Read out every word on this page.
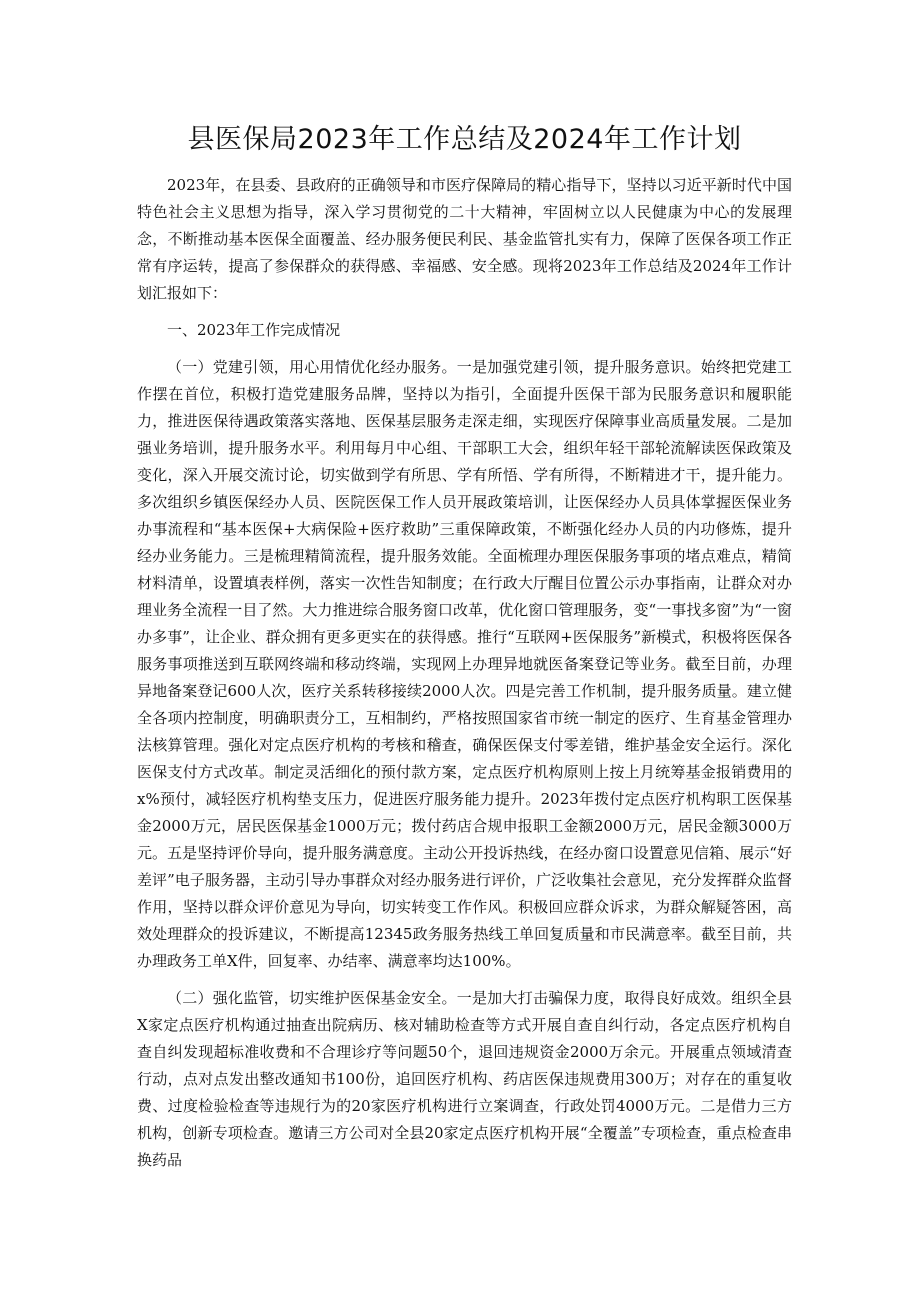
县医保局2023年工作总结及2024年工作计划

2023年，在县委、县政府的正确领导和市医疗保障局的精心指导下，坚持以习近平新时代中国特色社会主义思想为指导，深入学习贯彻党的二十大精神，牢固树立以人民健康为中心的发展理念，不断推动基本医保全面覆盖、经办服务便民利民、基金监管扎实有力，保障了医保各项工作正常有序运转，提高了参保群众的获得感、幸福感、安全感。现将2023年工作总结及2024年工作计划汇报如下：

一、2023年工作完成情况

（一）党建引领，用心用情优化经办服务。一是加强党建引领，提升服务意识。始终把党建工作摆在首位，积极打造党建服务品牌，坚持以为指引，全面提升医保干部为民服务意识和履职能力，推进医保待遇政策落实落地、医保基层服务走深走细，实现医疗保障事业高质量发展。二是加强业务培训，提升服务水平。利用每月中心组、干部职工大会，组织年轻干部轮流解读医保政策及变化，深入开展交流讨论，切实做到学有所思、学有所悟、学有所得，不断精进才干，提升能力。多次组织乡镇医保经办人员、医院医保工作人员开展政策培训，让医保经办人员具体掌握医保业务办事流程和“基本医保+大病保险+医疗救助”三重保障政策，不断强化经办人员的内功修炼，提升经办业务能力。三是梳理精简流程，提升服务效能。全面梳理办理医保服务事项的堵点难点，精简材料清单，设置填表样例，落实一次性告知制度；在行政大厅醒目位置公示办事指南，让群众对办理业务全流程一目了然。大力推进综合服务窗口改革，优化窗口管理服务，变“一事找多窗”为“一窗办多事”，让企业、群众拥有更多更实在的获得感。推行“互联网+医保服务”新模式，积极将医保各服务事项推送到互联网终端和移动终端，实现网上办理异地就医备案登记等业务。截至目前，办理异地备案登记600人次，医疗关系转移接续2000人次。四是完善工作机制，提升服务质量。建立健全各项内控制度，明确职责分工，互相制约，严格按照国家省市统一制定的医疗、生育基金管理办法核算管理。强化对定点医疗机构的考核和稽查，确保医保支付零差错，维护基金安全运行。深化医保支付方式改革。制定灵活细化的预付款方案，定点医疗机构原则上按上月统筹基金报销费用的x%预付，减轻医疗机构垫支压力，促进医疗服务能力提升。2023年拨付定点医疗机构职工医保基金2000万元，居民医保基金1000万元；拨付药店合规申报职工金额2000万元，居民金额3000万元。五是坚持评价导向，提升服务满意度。主动公开投诉热线，在经办窗口设置意见信箱、展示“好差评”电子服务器，主动引导办事群众对经办服务进行评价，广泛收集社会意见，充分发挥群众监督作用，坚持以群众评价意见为导向，切实转变工作作风。积极回应群众诉求，为群众解疑答困，高效处理群众的投诉建议，不断提高12345政务服务热线工单回复质量和市民满意率。截至目前，共办理政务工单X件，回复率、办结率、满意率均达100%。

（二）强化监管，切实维护医保基金安全。一是加大打击骗保力度，取得良好成效。组织全县X家定点医疗机构通过抽查出院病历、核对辅助检查等方式开展自查自纠行动，各定点医疗机构自查自纠发现超标准收费和不合理诊疗等问题50个，退回违规资金2000万余元。开展重点领域清查行动，点对点发出整改通知书100份，追回医疗机构、药店医保违规费用300万；对存在的重复收费、过度检验检查等违规行为的20家医疗机构进行立案调查，行政处罚4000万元。二是借力三方机构，创新专项检查。邀请三方公司对全县20家定点医疗机构开展“全覆盖”专项检查，重点检查串换药品
